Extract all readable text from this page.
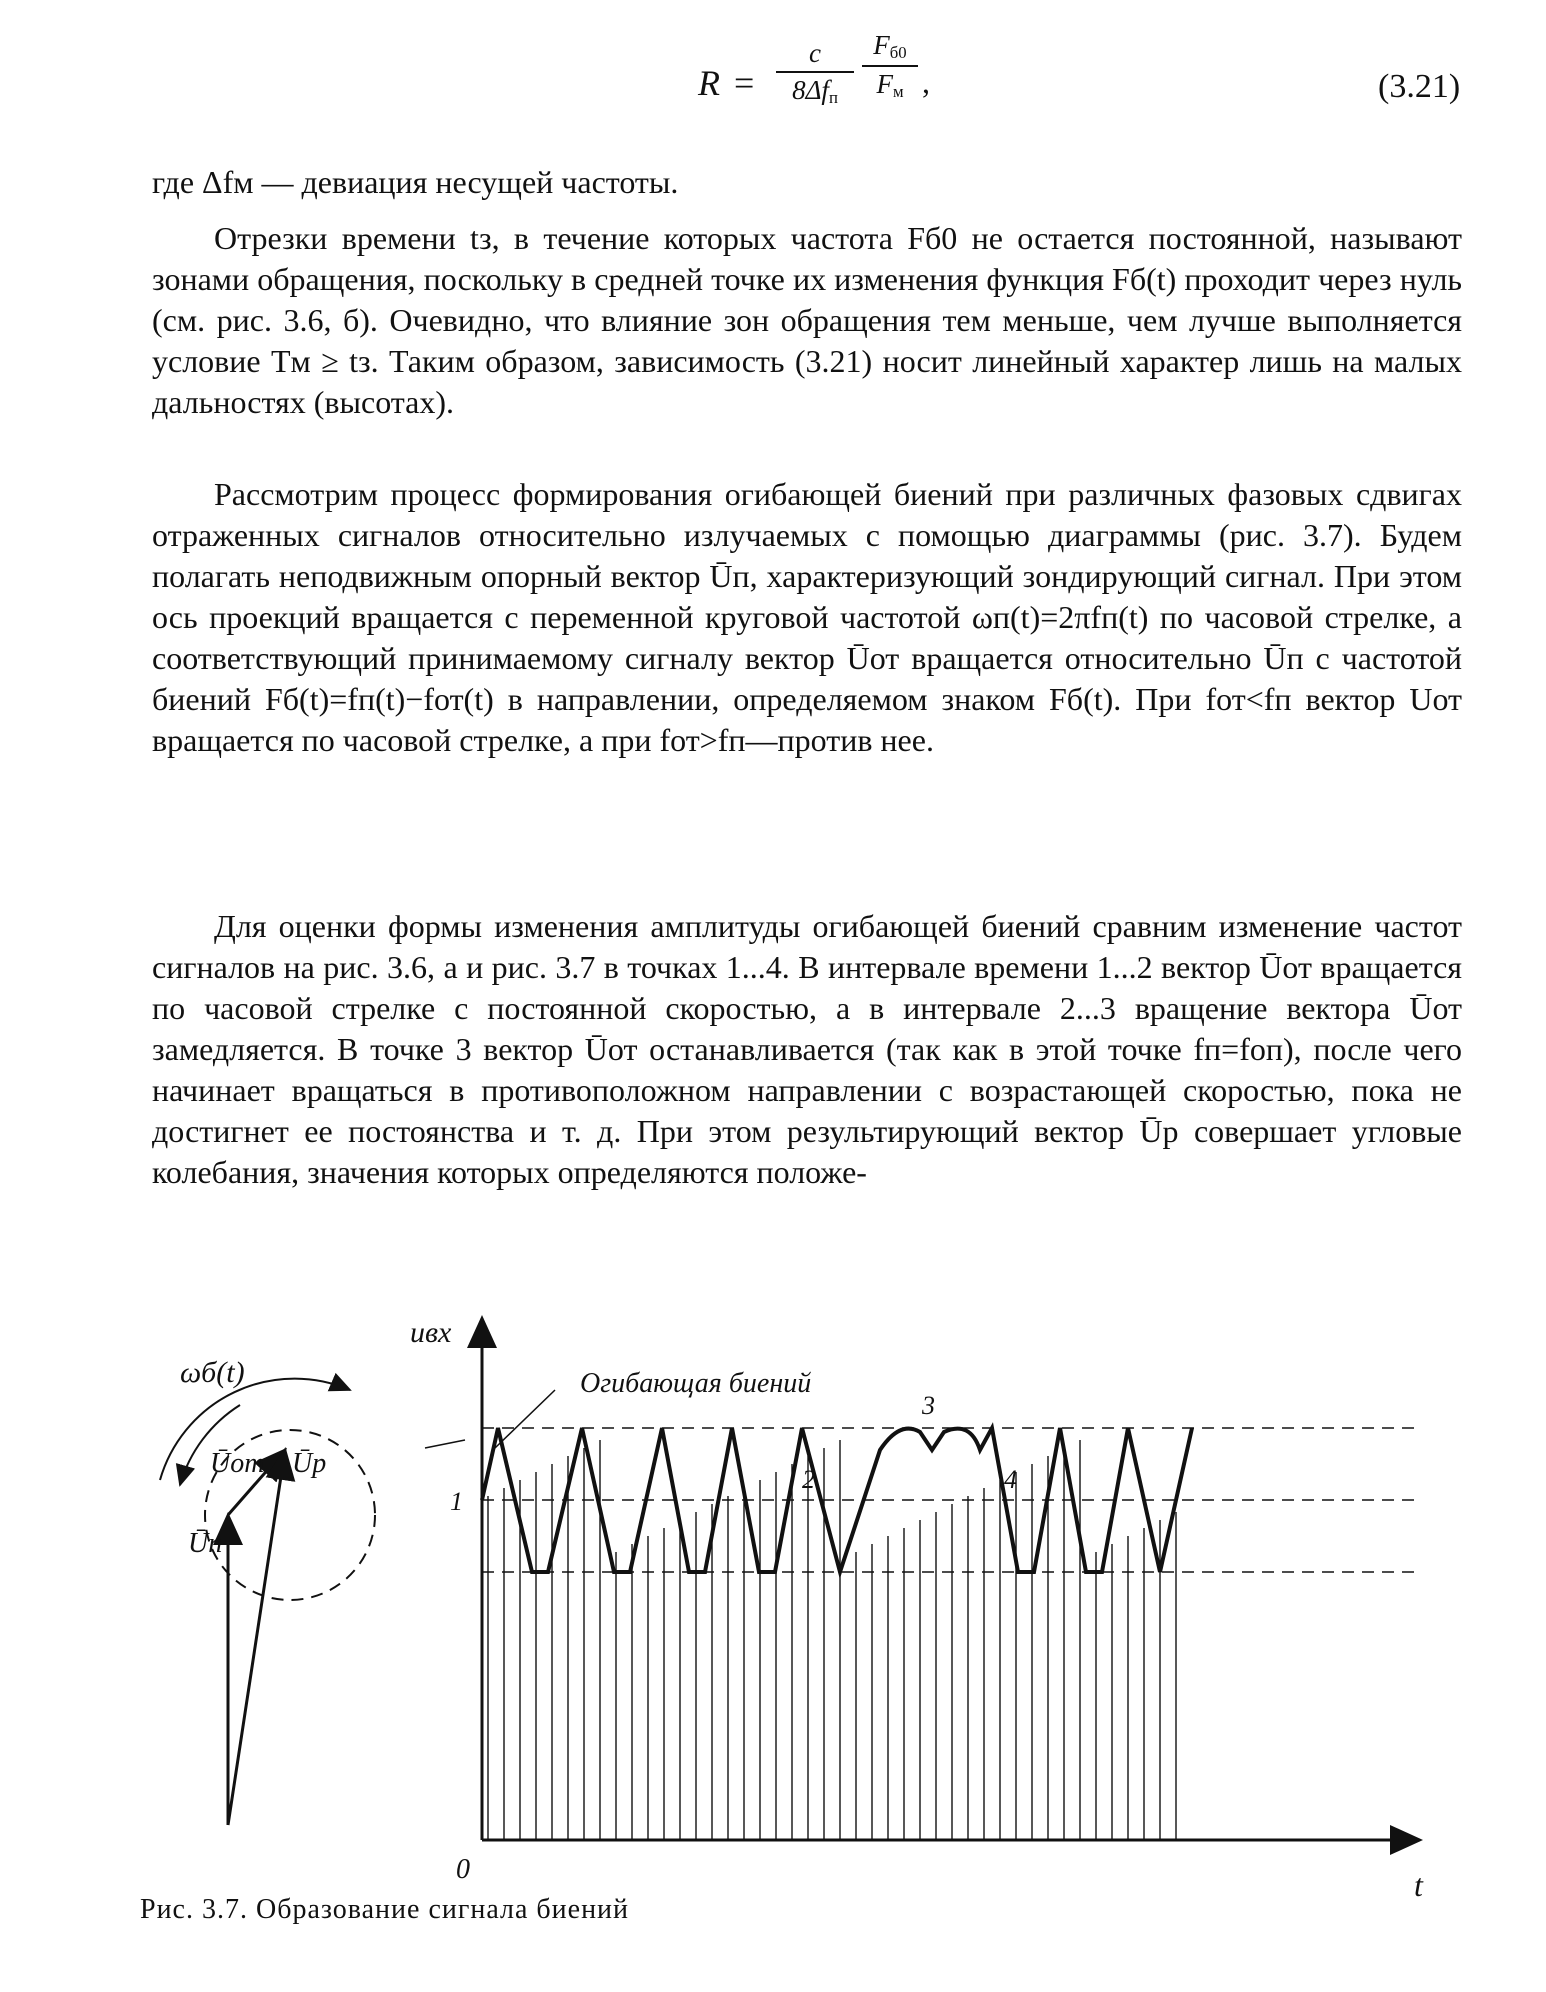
R =
c
$8\Delta f_п$
$F_{б0}$
$F_м$ ,	(3.21)

где Δfм — девиация несущей частоты.

Отрезки времени tз, в течение которых частота Fб0 не остается постоянной, называют зонами обращения, поскольку в средней точке их изменения функция Fб(t) проходит через нуль (см. рис. 3.6, б). Очевидно, что влияние зон обращения тем меньше, чем лучше выполняется условие Tм ≥ tз. Таким образом, зависимость (3.21) носит линейный характер лишь на малых дальностях (высотах).

Рассмотрим процесс формирования огибающей биений при различных фазовых сдвигах отраженных сигналов относительно излучаемых с помощью диаграммы (рис. 3.7). Будем полагать неподвижным опорный вектор Ūп, характеризующий зондирующий сигнал. При этом ось проекций вращается с переменной круговой частотой ωп(t)=2πfп(t) по часовой стрелке, а соответствующий принимаемому сигналу вектор Ūот вращается относительно Ūп с частотой биений Fб(t)=fп(t)−fот(t) в направлении, определяемом знаком Fб(t). При fот<fп вектор Uот вращается по часовой стрелке, а при fот>fп—против нее.

Для оценки формы изменения амплитуды огибающей биений сравним изменение частот сигналов на рис. 3.6, а и рис. 3.7 в точках 1...4. В интервале времени 1...2 вектор Ūот вращается по часовой стрелке с постоянной скоростью, а в интервале 2...3 вращение вектора Ūот замедляется. В точке 3 вектор Ūот останавливается (так как в этой точке fп=fоп), после чего начинает вращаться в противоположном направлении с возрастающей скоростью, пока не достигнет ее постоянства и т. д. При этом результирующий вектор Ūр совершает угловые колебания, значения которых определяются положе-

ωб(t)
Ūот Ūр
Ūп
uвх
0	t
1
Огибающая биений
2
3
4
Рис. 3.7. Образование сигнала биений
